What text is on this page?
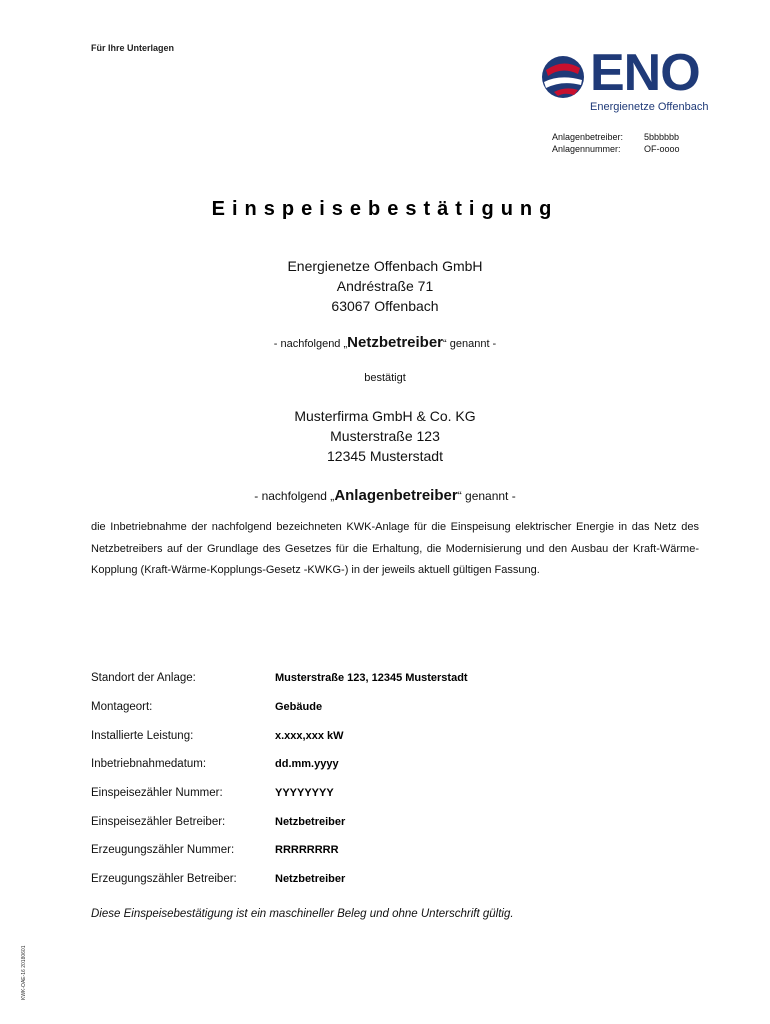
Für Ihre Unterlagen	ENO
Energienetze Offenbach
Anlagenbetreiber:	5bbbbbb
Anlagennummer:	OF-oooo
Einspeisebestätigung
Energienetze Offenbach GmbH
Andréstraße 71
63067 Offenbach
- nachfolgend „Netzbetreiber“ genannt -
bestätigt
Musterfirma GmbH & Co. KG
Musterstraße 123
12345 Musterstadt
- nachfolgend „Anlagenbetreiber“ genannt -
die Inbetriebnahme der nachfolgend bezeichneten KWK-Anlage für die Einspeisung elektrischer Energie in das Netz des Netzbetreibers auf der Grundlage des Gesetzes für die Erhaltung, die Modernisierung und den Ausbau der Kraft-Wärme-Kopplung (Kraft-Wärme-Kopplungs-Gesetz -KWKG-) in der jeweils aktuell gültigen Fassung.
Standort der Anlage:	Musterstraße 123, 12345 Musterstadt
Montageort:	Gebäude
Installierte Leistung:	x.xxx,xxx kW
Inbetriebnahmedatum:	dd.mm.yyyy
Einspeisezähler Nummer:	YYYYYYYY
Einspeisezähler Betreiber:	Netzbetreiber
Erzeugungszähler Nummer:	RRRRRRRR
Erzeugungszähler Betreiber:	Netzbetreiber
Diese Einspeisebestätigung ist ein maschineller Beleg und ohne Unterschrift gültig.
KWK-OAE-16 20180601
